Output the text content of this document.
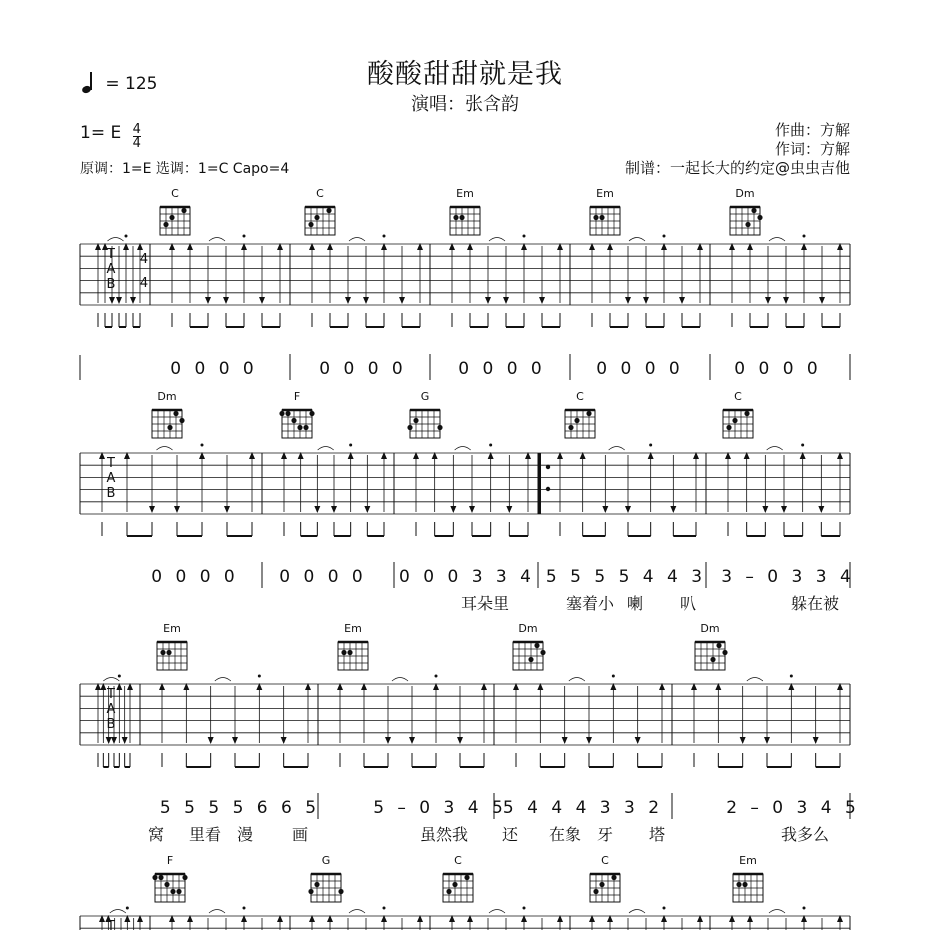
酸酸甜甜就是我
演唱：张含韵
= 125
1= E $\frac{4}{4}$	作曲：方解
作词：方解
制谱：一起长大的约定@虫虫吉他
原调：1=E 选调：1=C Capo=4
T
A
B
4
4
C	C	Em	Em	Dm
T
A
B
Dm	F	G	C	C
T
A
B
Em	Em	Dm	Dm
T
F	G	C	C	Em
0 0 0 0	0 0 0 0	0 0 0 0	0 0 0 0	0 0 0 0
0 0 0 0 0 0 0 0 0 0 0 3 3 4 5 5 5 5 4 4 3 3 – 0 3 3 4
5 5 5 5 6 6 5	5 – 0 3 4 5
5 4 4 4 3 3 2	2 – 0 3 4 5
耳朵里	塞着小 喇 叭	躲在被
窝 里看 漫 画	虽然我 还 在象 牙 塔	我多么
